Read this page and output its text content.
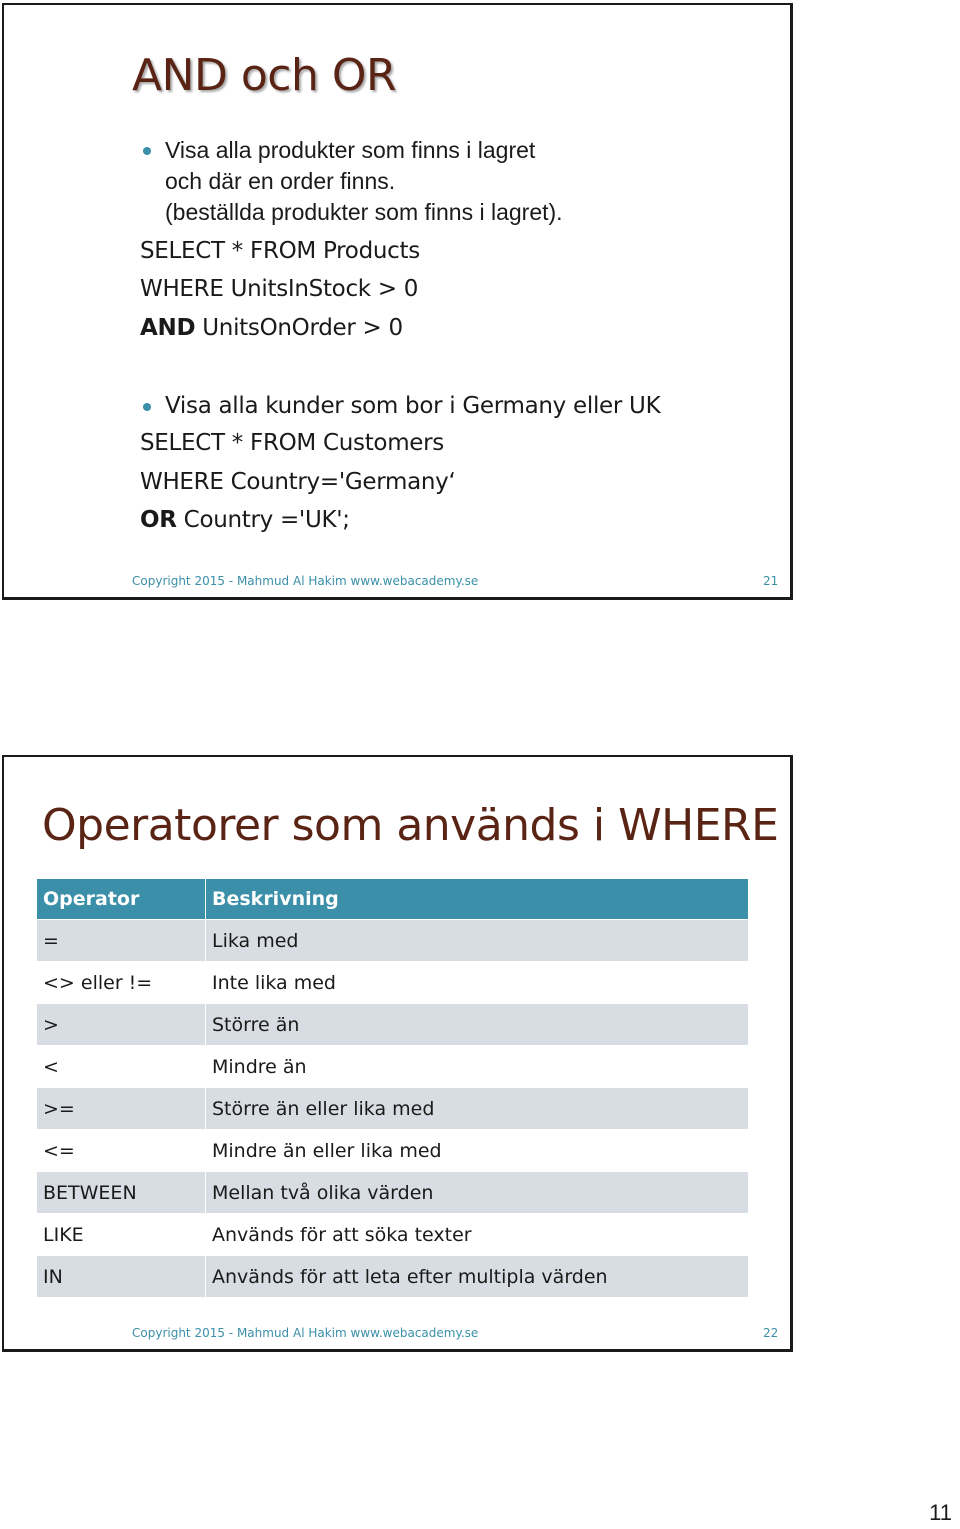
AND och OR
Visa alla produkter som finns i lagret
och där en order finns.
(beställda produkter som finns i lagret).
SELECT * FROM Products
WHERE UnitsInStock > 0
AND UnitsOnOrder > 0
Visa alla kunder som bor i Germany eller UK
SELECT * FROM Customers
WHERE Country='Germany‘
OR Country ='UK';
Copyright 2015 - Mahmud Al Hakim www.webacademy.se	21
Operatorer som används i WHERE
Operator	Beskrivning
=	Lika med
<> eller !=	Inte lika med
>	Större än
<	Mindre än
>=	Större än eller lika med
<=	Mindre än eller lika med
BETWEEN	Mellan två olika värden
LIKE	Används för att söka texter
IN	Används för att leta efter multipla värden
Copyright 2015 - Mahmud Al Hakim www.webacademy.se	22
11
